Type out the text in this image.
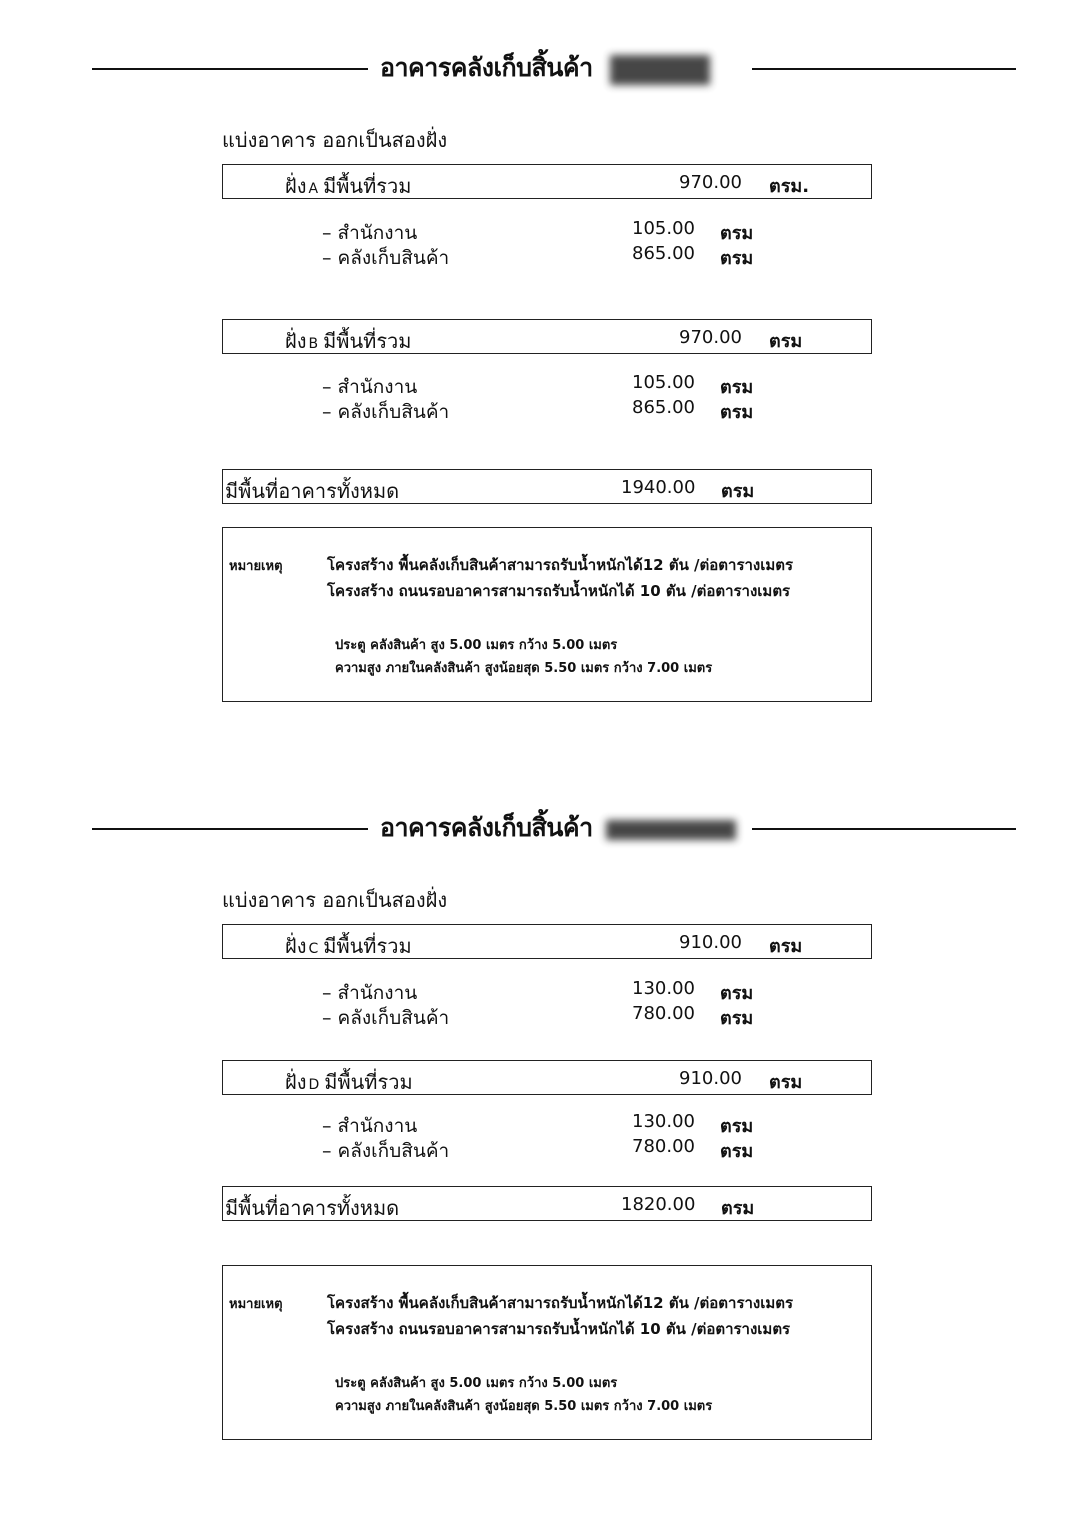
อาคารคลังเก็บสิ้นค้า
แบ่งอาคาร ออกเป็นสองฝั่ง
ฝั่ง A มีพื้นที่รวม	970.00 ตรม.
– สำนักงาน	105.00 ตรม
– คลังเก็บสินค้า	865.00 ตรม
ฝั่ง B มีพื้นที่รวม	970.00 ตรม
– สำนักงาน	105.00 ตรม
– คลังเก็บสินค้า	865.00 ตรม
มีพื้นที่อาคารทั้งหมด	1940.00 ตรม
หมายเหตุ	โครงสร้าง พื้นคลังเก็บสินค้าสามารถรับน้ำหนักได้12 ตัน /ต่อตารางเมตร
โครงสร้าง ถนนรอบอาคารสามารถรับน้ำหนักได้ 10 ตัน /ต่อตารางเมตร
ประตู คลังสินค้า สูง 5.00 เมตร กว้าง 5.00 เมตร
ความสูง ภายในคลังสินค้า สูงน้อยสุด 5.50 เมตร กว้าง 7.00 เมตร
อาคารคลังเก็บสิ้นค้า
แบ่งอาคาร ออกเป็นสองฝั่ง
ฝั่ง C มีพื้นที่รวม	910.00 ตรม
– สำนักงาน	130.00 ตรม
– คลังเก็บสินค้า	780.00 ตรม
ฝั่ง D มีพื้นที่รวม	910.00 ตรม
– สำนักงาน	130.00 ตรม
– คลังเก็บสินค้า	780.00 ตรม
มีพื้นที่อาคารทั้งหมด	1820.00 ตรม
หมายเหตุ	โครงสร้าง พื้นคลังเก็บสินค้าสามารถรับน้ำหนักได้12 ตัน /ต่อตารางเมตร
โครงสร้าง ถนนรอบอาคารสามารถรับน้ำหนักได้ 10 ตัน /ต่อตารางเมตร
ประตู คลังสินค้า สูง 5.00 เมตร กว้าง 5.00 เมตร
ความสูง ภายในคลังสินค้า สูงน้อยสุด 5.50 เมตร กว้าง 7.00 เมตร
